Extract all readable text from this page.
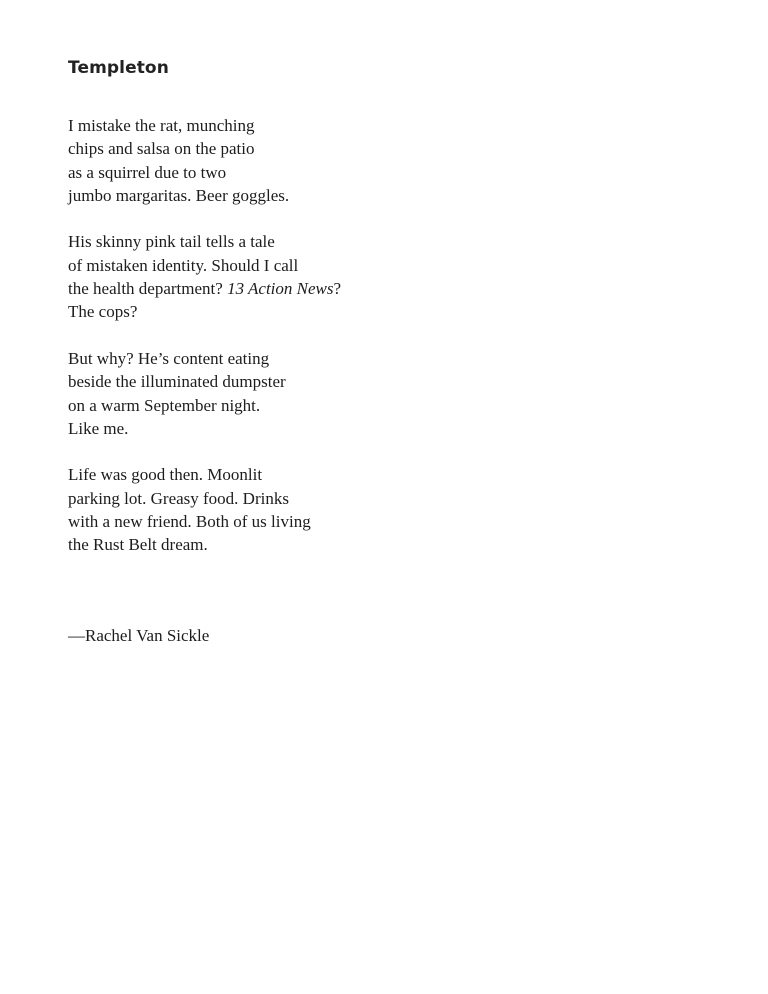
Templeton

I mistake the rat, munching
chips and salsa on the patio
as a squirrel due to two
jumbo margaritas. Beer goggles.

His skinny pink tail tells a tale
of mistaken identity. Should I call
the health department? 13 Action News?
The cops?

But why? He’s content eating
beside the illuminated dumpster
on a warm September night.
Like me.

Life was good then. Moonlit
parking lot. Greasy food. Drinks
with a new friend. Both of us living
the Rust Belt dream.

—Rachel Van Sickle
